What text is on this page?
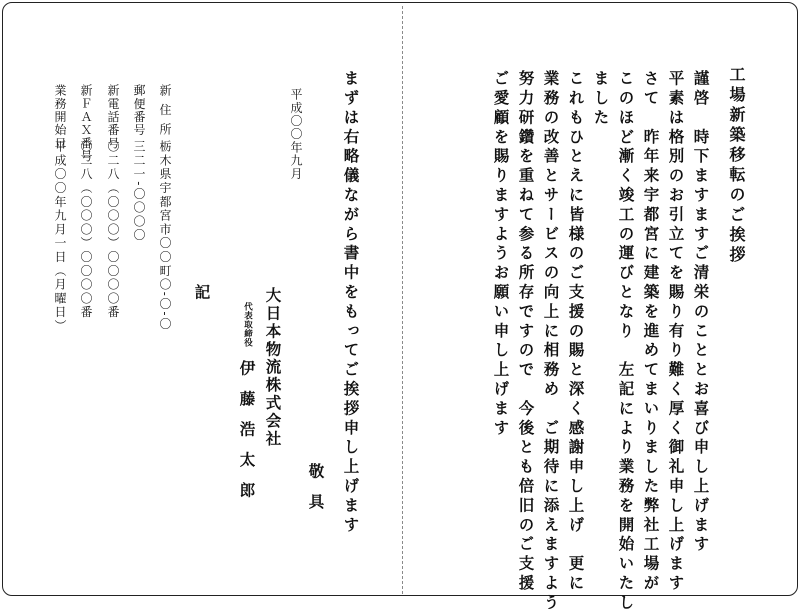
工場新築移転のご挨拶
謹啓　時下ますますご清栄のこととお喜び申し上げます
平素は格別のお引立てを賜り有り難く厚く御礼申し上げます
さて　昨年来宇都宮に建築を進めてまいりました弊社工場が
このほど漸く竣工の運びとなり　左記により業務を開始いたし
ました
これもひとえに皆様のご支援の賜と深く感謝申し上げ　更に
業務の改善とサービスの向上に相務め　ご期待に添えますよう
努力研鑽を重ねて参る所存ですので　今後とも倍旧のご支援
ご愛顧を賜りますようお願い申し上げます
まずは右略儀ながら書中をもってご挨拶申し上げます
敬具
平成〇〇年九月
大日本物流株式会社
代表取締役
伊藤浩太郎
記
新住所
栃木県宇都宮市〇〇町〇-〇-〇
郵便番号
三二一-〇〇〇〇
新電話番号
〇二八（〇〇〇）〇〇〇〇番
新ＦＡＸ番号
〇二八（〇〇〇）〇〇〇〇番
業務開始日
平成〇〇年九月一日（月曜日）
